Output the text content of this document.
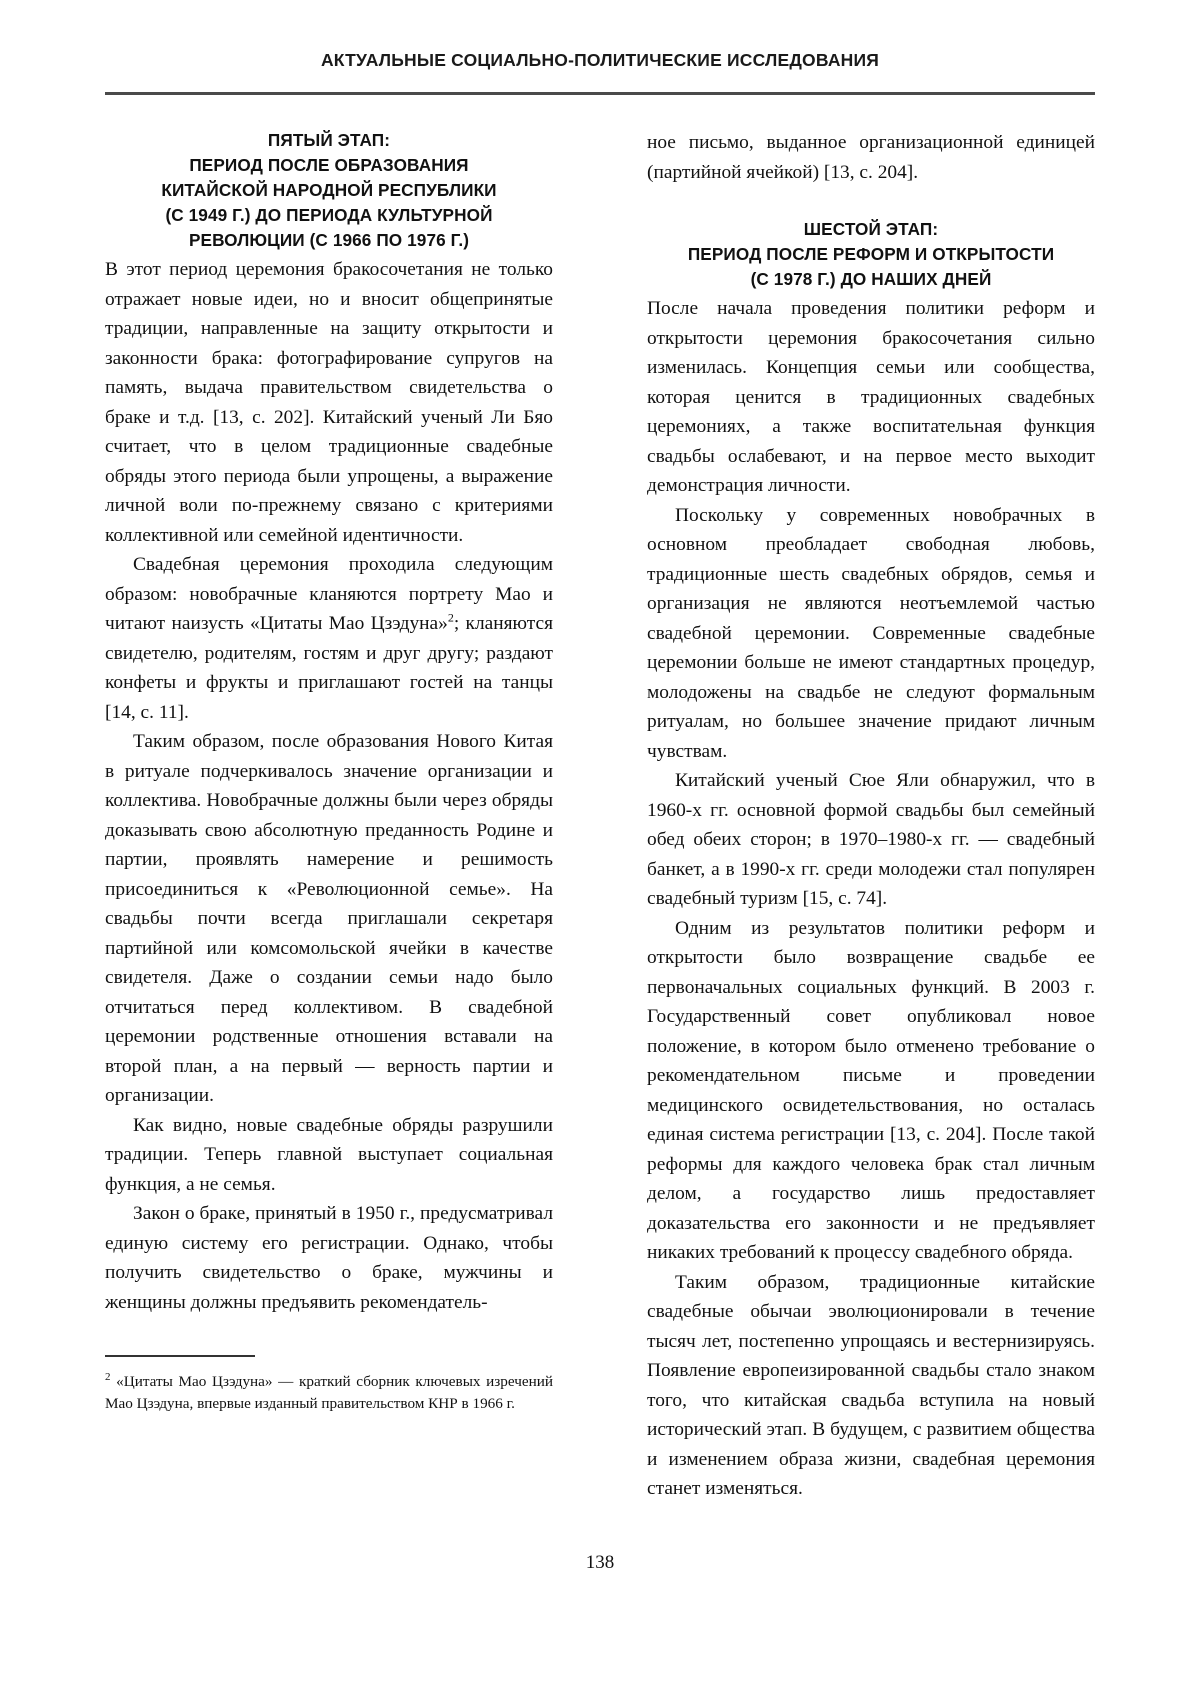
АКТУАЛЬНЫЕ СОЦИАЛЬНО-ПОЛИТИЧЕСКИЕ ИССЛЕДОВАНИЯ
ПЯТЫЙ ЭТАП:
ПЕРИОД ПОСЛЕ ОБРАЗОВАНИЯ
КИТАЙСКОЙ НАРОДНОЙ РЕСПУБЛИКИ
(С 1949 Г.) ДО ПЕРИОДА КУЛЬТУРНОЙ
РЕВОЛЮЦИИ (С 1966 ПО 1976 Г.)

В этот период церемония бракосочетания не только отражает новые идеи, но и вносит общепринятые традиции, направленные на защиту открытости и законности брака: фотографирование супругов на память, выдача правительством свидетельства о браке и т.д. [13, с. 202]. Китайский ученый Ли Бяо считает, что в целом традиционные свадебные обряды этого периода были упрощены, а выражение личной воли по-прежнему связано с критериями коллективной или семейной идентичности.

Свадебная церемония проходила следующим образом: новобрачные кланяются портрету Мао и читают наизусть «Цитаты Мао Цзэдуна»$^2$; кланяются свидетелю, родителям, гостям и друг другу; раздают конфеты и фрукты и приглашают гостей на танцы [14, с. 11].

Таким образом, после образования Нового Китая в ритуале подчеркивалось значение организации и коллектива. Новобрачные должны были через обряды доказывать свою абсолютную преданность Родине и партии, проявлять намерение и решимость присоединиться к «Революционной семье». На свадьбы почти всегда приглашали секретаря партийной или комсомольской ячейки в качестве свидетеля. Даже о создании семьи надо было отчитаться перед коллективом. В свадебной церемонии родственные отношения вставали на второй план, а на первый — верность партии и организации.

Как видно, новые свадебные обряды разрушили традиции. Теперь главной выступает социальная функция, а не семья.

Закон о браке, принятый в 1950 г., предусматривал единую систему его регистрации. Однако, чтобы получить свидетельство о браке, мужчины и женщины должны предъявить рекомендатель-

ное письмо, выданное организационной единицей (партийной ячейкой) [13, с. 204].

ШЕСТОЙ ЭТАП:
ПЕРИОД ПОСЛЕ РЕФОРМ И ОТКРЫТОСТИ
(С 1978 Г.) ДО НАШИХ ДНЕЙ

После начала проведения политики реформ и открытости церемония бракосочетания сильно изменилась. Концепция семьи или сообщества, которая ценится в традиционных свадебных церемониях, а также воспитательная функция свадьбы ослабевают, и на первое место выходит демонстрация личности.

Поскольку у современных новобрачных в основном преобладает свободная любовь, традиционные шесть свадебных обрядов, семья и организация не являются неотъемлемой частью свадебной церемонии. Современные свадебные церемонии больше не имеют стандартных процедур, молодожены на свадьбе не следуют формальным ритуалам, но большее значение придают личным чувствам.

Китайский ученый Сюе Яли обнаружил, что в 1960-х гг. основной формой свадьбы был семейный обед обеих сторон; в 1970–1980-х гг. — свадебный банкет, а в 1990-х гг. среди молодежи стал популярен свадебный туризм [15, с. 74].

Одним из результатов политики реформ и открытости было возвращение свадьбе ее первоначальных социальных функций. В 2003 г. Государственный совет опубликовал новое положение, в котором было отменено требование о рекомендательном письме и проведении медицинского освидетельствования, но осталась единая система регистрации [13, с. 204]. После такой реформы для каждого человека брак стал личным делом, а государство лишь предоставляет доказательства его законности и не предъявляет никаких требований к процессу свадебного обряда.

Таким образом, традиционные китайские свадебные обычаи эволюционировали в течение тысяч лет, постепенно упрощаясь и вестернизируясь. Появление европеизированной свадьбы стало знаком того, что китайская свадьба вступила на новый исторический этап. В будущем, с развитием общества и изменением образа жизни, свадебная церемония станет изменяться.

$^2$ «Цитаты Мао Цзэдуна» — краткий сборник ключевых изречений Мао Цзэдуна, впервые изданный правительством КНР в 1966 г.

138
